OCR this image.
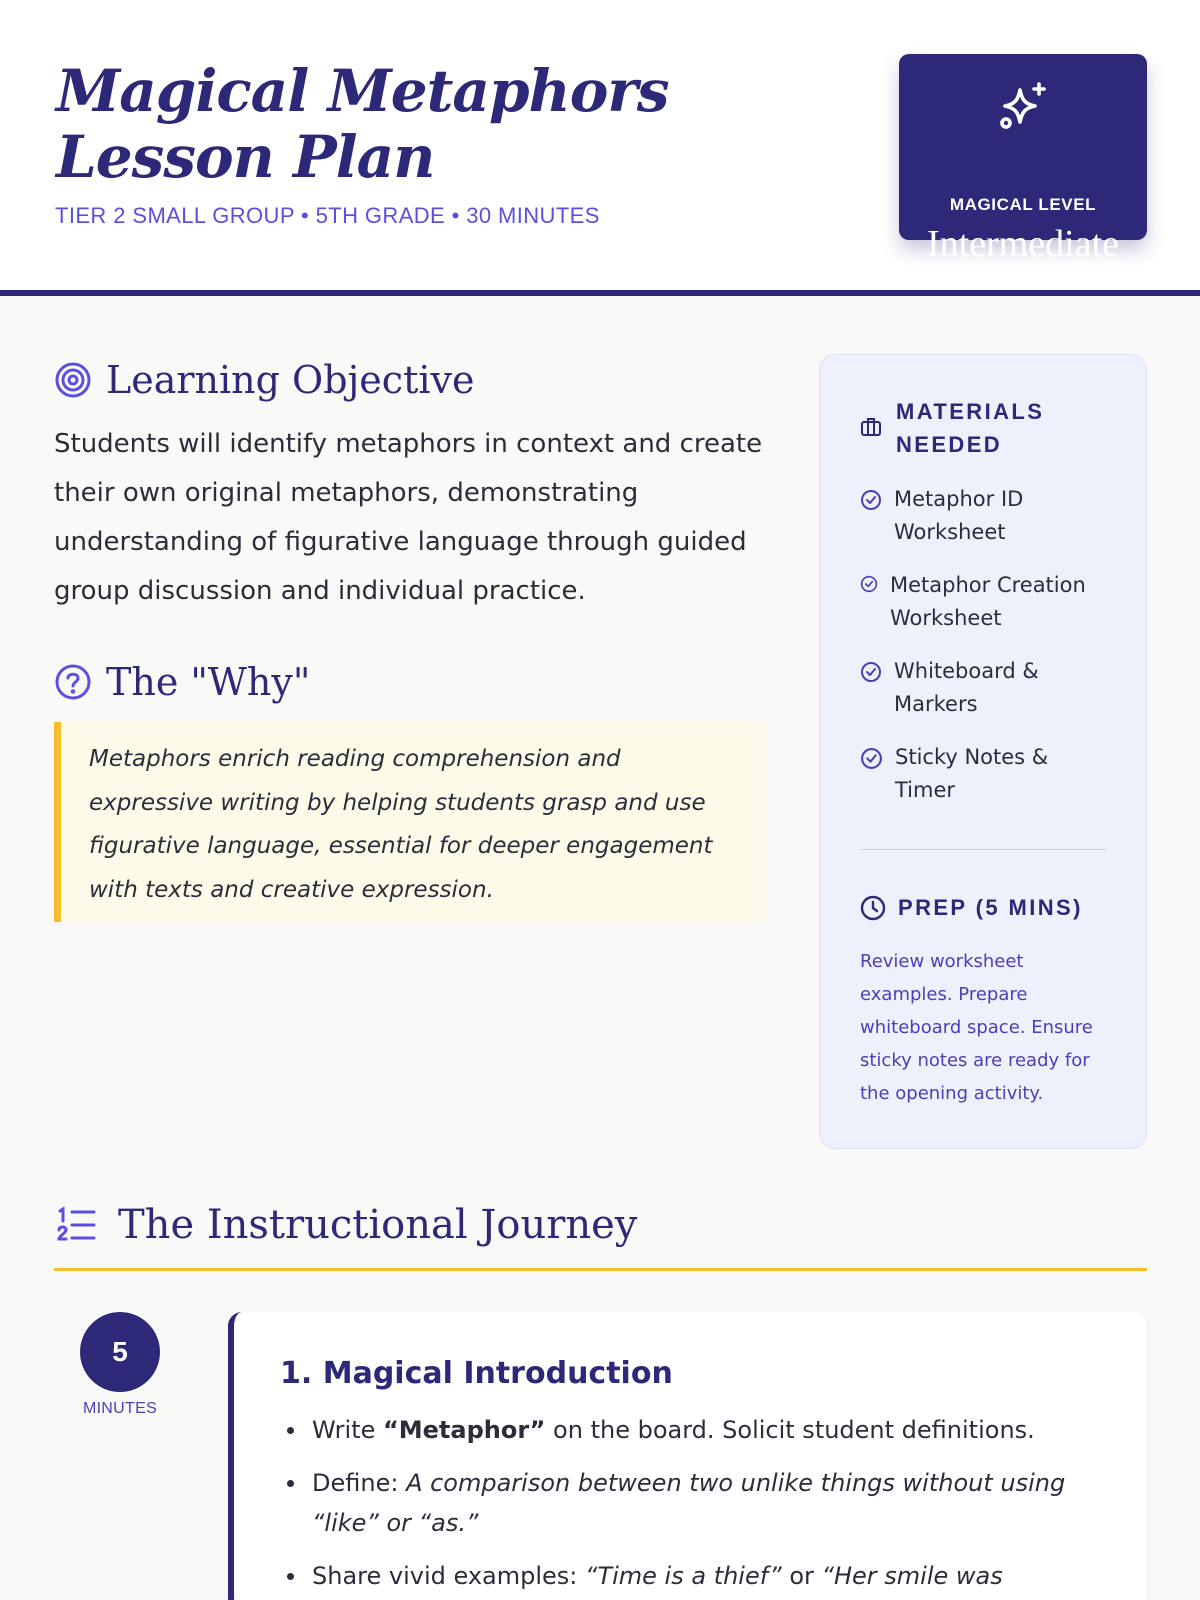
Magical Metaphors Lesson Plan
TIER 2 SMALL GROUP • 5TH GRADE • 30 MINUTES	MAGICAL LEVEL
Intermediate
Learning Objective

Students will identify metaphors in context and create their own original metaphors, demonstrating understanding of figurative language through guided group discussion and individual practice.

The "Why"
Metaphors enrich reading comprehension and expressive writing by helping students grasp and use figurative language, essential for deeper engagement with texts and creative expression.
MATERIALS NEEDED
Metaphor ID Worksheet
Metaphor Creation Worksheet
Whiteboard & Markers
Sticky Notes & Timer
PREP (5 MINS)

Review worksheet examples. Prepare whiteboard space. Ensure sticky notes are ready for the opening activity.

The Instructional Journey
5
MINUTES
1. Magical Introduction
Write “Metaphor” on the board. Solicit student definitions.
Define: A comparison between two unlike things without using “like” or “as.”
Share vivid examples: “Time is a thief” or “Her smile was
